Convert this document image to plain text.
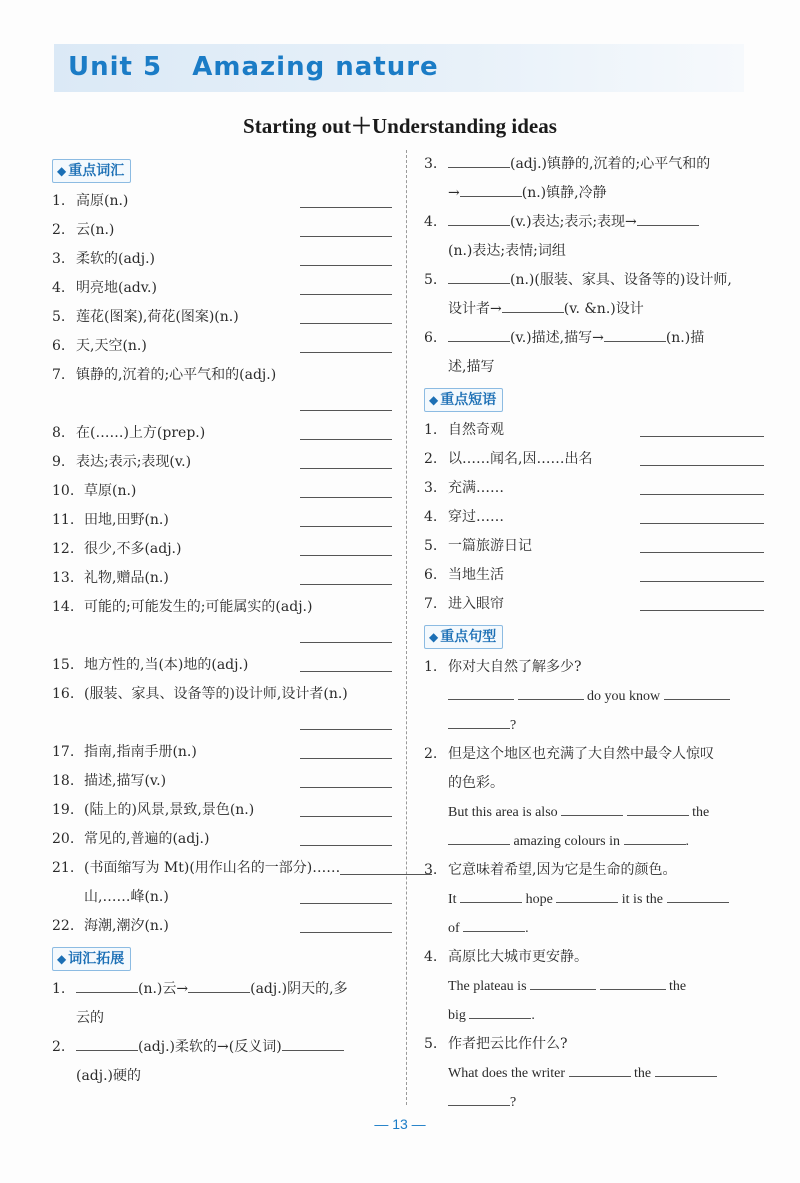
Unit 5 Amazing nature
Starting out＋Understanding ideas
◆ 重点词汇
1. 高原(n.)
2. 云(n.)
3. 柔软的(adj.)
4. 明亮地(adv.)
5. 莲花(图案),荷花(图案)(n.)
6. 天,天空(n.)
7. 镇静的,沉着的;心平气和的(adj.)
8. 在(……)上方(prep.)
9. 表达;表示;表现(v.)
10. 草原(n.)
11. 田地,田野(n.)
12. 很少,不多(adj.)
13. 礼物,赠品(n.)
14. 可能的;可能发生的;可能属实的(adj.)
15. 地方性的,当(本)地的(adj.)
16. (服装、家具、设备等的)设计师,设计者(n.)
17. 指南,指南手册(n.)
18. 描述,描写(v.)
19. (陆上的)风景,景致,景色(n.)
20. 常见的,普遍的(adj.)
21. (书面缩写为 Mt)(用作山名的一部分)……
山,……峰(n.)
22. 海潮,潮汐(n.)
◆ 词汇拓展
1.	(n.)云→	(adj.)阴天的,多
云的
2.	(adj.)柔软的→(反义词)
(adj.)硬的
3.	(adj.)镇静的,沉着的;心平气和的
→	(n.)镇静,冷静
4.	(v.)表达;表示;表现→
(n.)表达;表情;词组
5.	(n.)(服装、家具、设备等的)设计师,
设计者→	(v. &n.)设计
6.	(v.)描述,描写→	(n.)描
述,描写
◆ 重点短语
1. 自然奇观
2. 以……闻名,因……出名
3. 充满……
4. 穿过……
5. 一篇旅游日记
6. 当地生活
7. 进入眼帘
◆ 重点句型
1. 你对大自然了解多少?
do you know
?
2. 但是这个地区也充满了大自然中最令人惊叹
的色彩。
But this area is also	the
amazing colours in	.
3. 它意味着希望,因为它是生命的颜色。
It	hope	it is the
of	.
4. 高原比大城市更安静。
The plateau is	the
big	.
5. 作者把云比作什么?
What does the writer	the
?
— 13 —
